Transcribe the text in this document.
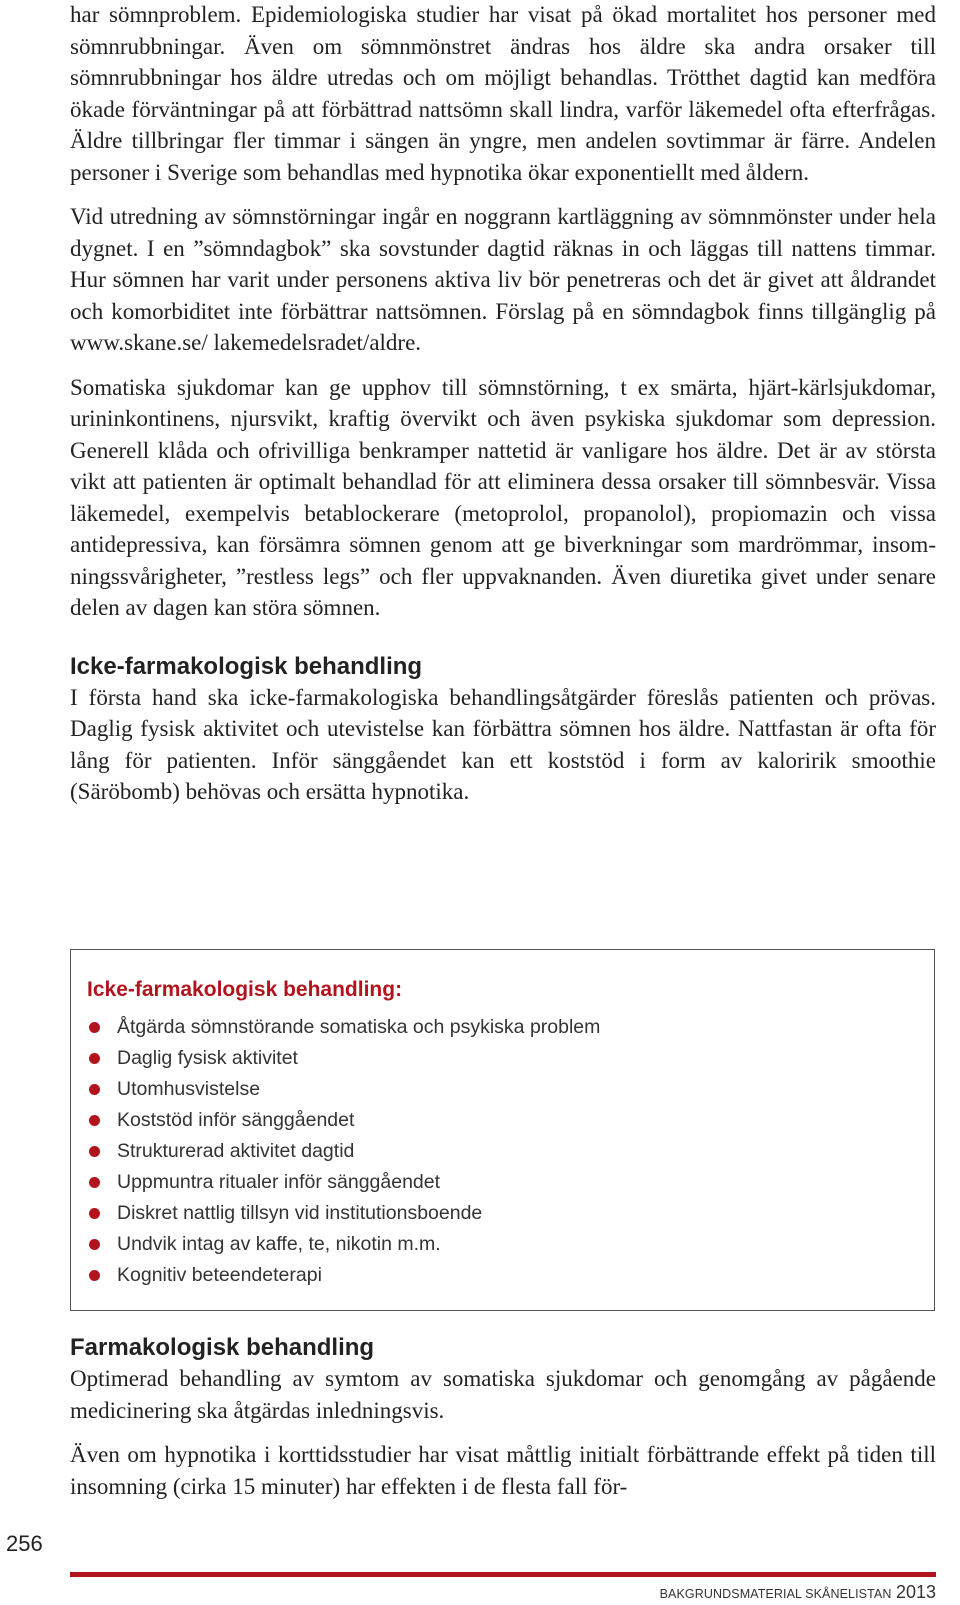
har sömnproblem. Epidemiologiska studier har visat på ökad mortalitet hos personer med sömnrubbningar. Även om sömnmönstret ändras hos äldre ska andra orsaker till sömnrubbningar hos äldre utredas och om möjligt behandlas. Trötthet dagtid kan medföra ökade förväntningar på att förbättrad nattsömn skall lindra, varför läkemedel ofta efterfrågas. Äldre tillbringar fler timmar i sängen än yngre, men andelen sovtimmar är färre. Andelen personer i Sverige som behandlas med hypnotika ökar exponentiellt med åldern.

Vid utredning av sömnstörningar ingår en noggrann kartläggning av sömnmönster under hela dygnet. I en ”sömndagbok” ska sovstunder dagtid räknas in och läggas till nattens timmar. Hur sömnen har varit under personens aktiva liv bör penetreras och det är givet att åldrandet och komorbiditet inte förbättrar nattsömnen. Förslag på en sömndagbok finns tillgänglig på www.skane.se/ lakemedelsradet/aldre.

Somatiska sjukdomar kan ge upphov till sömnstörning, t ex smärta, hjärt-kärlsjukdomar, urininkontinens, njursvikt, kraftig övervikt och även psykiska sjukdomar som depression. Generell klåda och ofrivilliga benkramper nattetid är vanligare hos äldre. Det är av största vikt att patienten är optimalt behandlad för att eliminera dessa orsaker till sömnbesvär. Vissa läkemedel, exempelvis betablockerare (metoprolol, propanolol), propiomazin och vissa antidepressiva, kan försämra sömnen genom att ge biverkningar som mardrömmar, insomningssvårigheter, ”restless legs” och fler uppvaknanden. Även diuretika givet under senare delen av dagen kan störa sömnen.

Icke-farmakologisk behandling

I första hand ska icke-farmakologiska behandlingsåtgärder föreslås patienten och prövas. Daglig fysisk aktivitet och utevistelse kan förbättra sömnen hos äldre. Nattfastan är ofta för lång för patienten. Inför sänggåendet kan ett koststöd i form av kaloririk smoothie (Säröbomb) behövas och ersätta hypnotika.

Icke-farmakologisk behandling:
Åtgärda sömnstörande somatiska och psykiska problem
Daglig fysisk aktivitet
Utomhusvistelse
Koststöd inför sänggåendet
Strukturerad aktivitet dagtid
Uppmuntra ritualer inför sänggåendet
Diskret nattlig tillsyn vid institutionsboende
Undvik intag av kaffe, te, nikotin m.m.
Kognitiv beteendeterapi
Farmakologisk behandling

Optimerad behandling av symtom av somatiska sjukdomar och genomgång av pågående medicinering ska åtgärdas inledningsvis.

Även om hypnotika i korttidsstudier har visat måttlig initialt förbättrande effekt på tiden till insomning (cirka 15 minuter) har effekten i de flesta fall för-

256
BAKGRUNDSMATERIAL SKÅNELISTAN 2013
